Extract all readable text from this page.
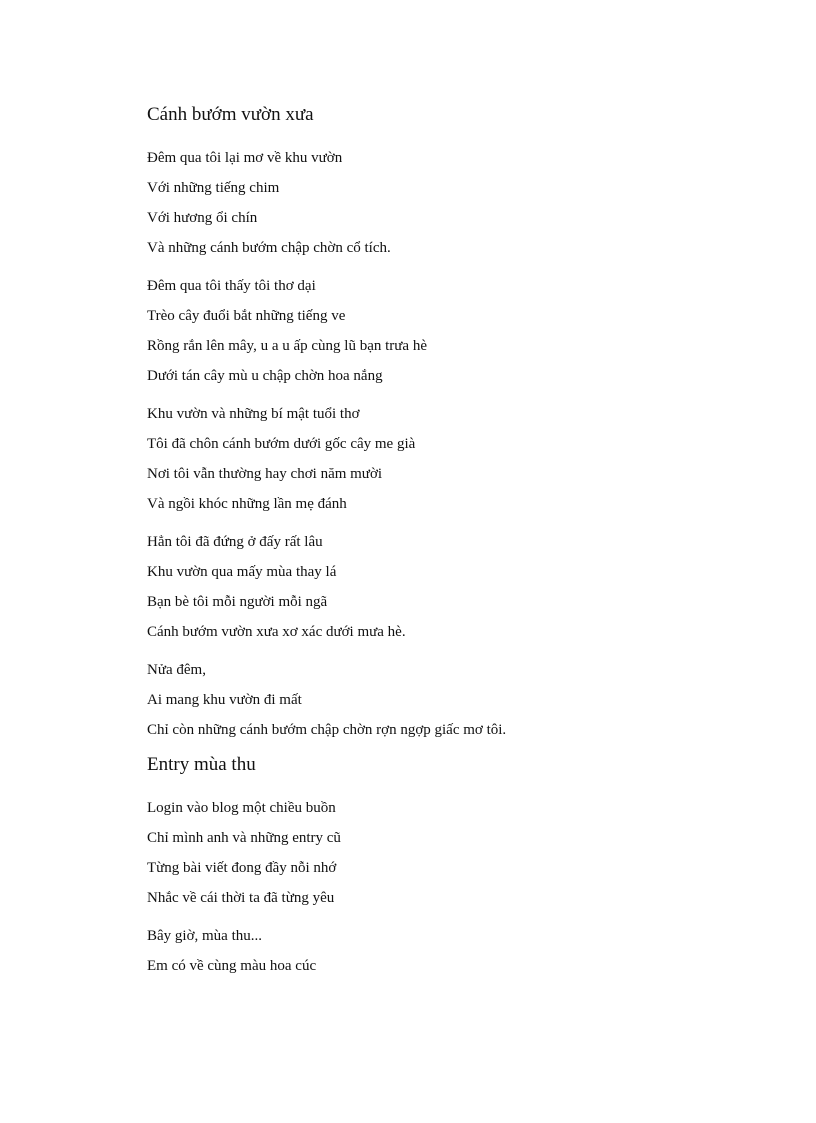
Cánh bướm vườn xưa
Đêm qua tôi lại mơ về khu vườn
Với những tiếng chim
Với hương ổi chín
Và những cánh bướm chập chờn cổ tích.
Đêm qua tôi thấy tôi thơ dại
Trèo cây đuổi bắt những tiếng ve
Rồng rắn lên mây, u a u ấp cùng lũ bạn trưa hè
Dưới tán cây mù u chập chờn hoa nắng
Khu vườn và những bí mật tuổi thơ
Tôi đã chôn cánh bướm dưới gốc cây me già
Nơi tôi vẫn thường hay chơi năm mười
Và ngồi khóc những lần mẹ đánh
Hẳn tôi đã đứng ở đấy rất lâu
Khu vườn qua mấy mùa thay lá
Bạn bè tôi mỗi người mỗi ngã
Cánh bướm vườn xưa xơ xác dưới mưa hè.
Nửa đêm,
Ai mang khu vườn đi mất
Chỉ còn những cánh bướm chập chờn rợn ngợp giấc mơ tôi.
Entry mùa thu
Login vào blog một chiều buồn
Chỉ mình anh và những entry cũ
Từng bài viết đong đầy nỗi nhớ
Nhắc về cái thời ta đã từng yêu
Bây giờ, mùa thu...
Em có về cùng màu hoa cúc
